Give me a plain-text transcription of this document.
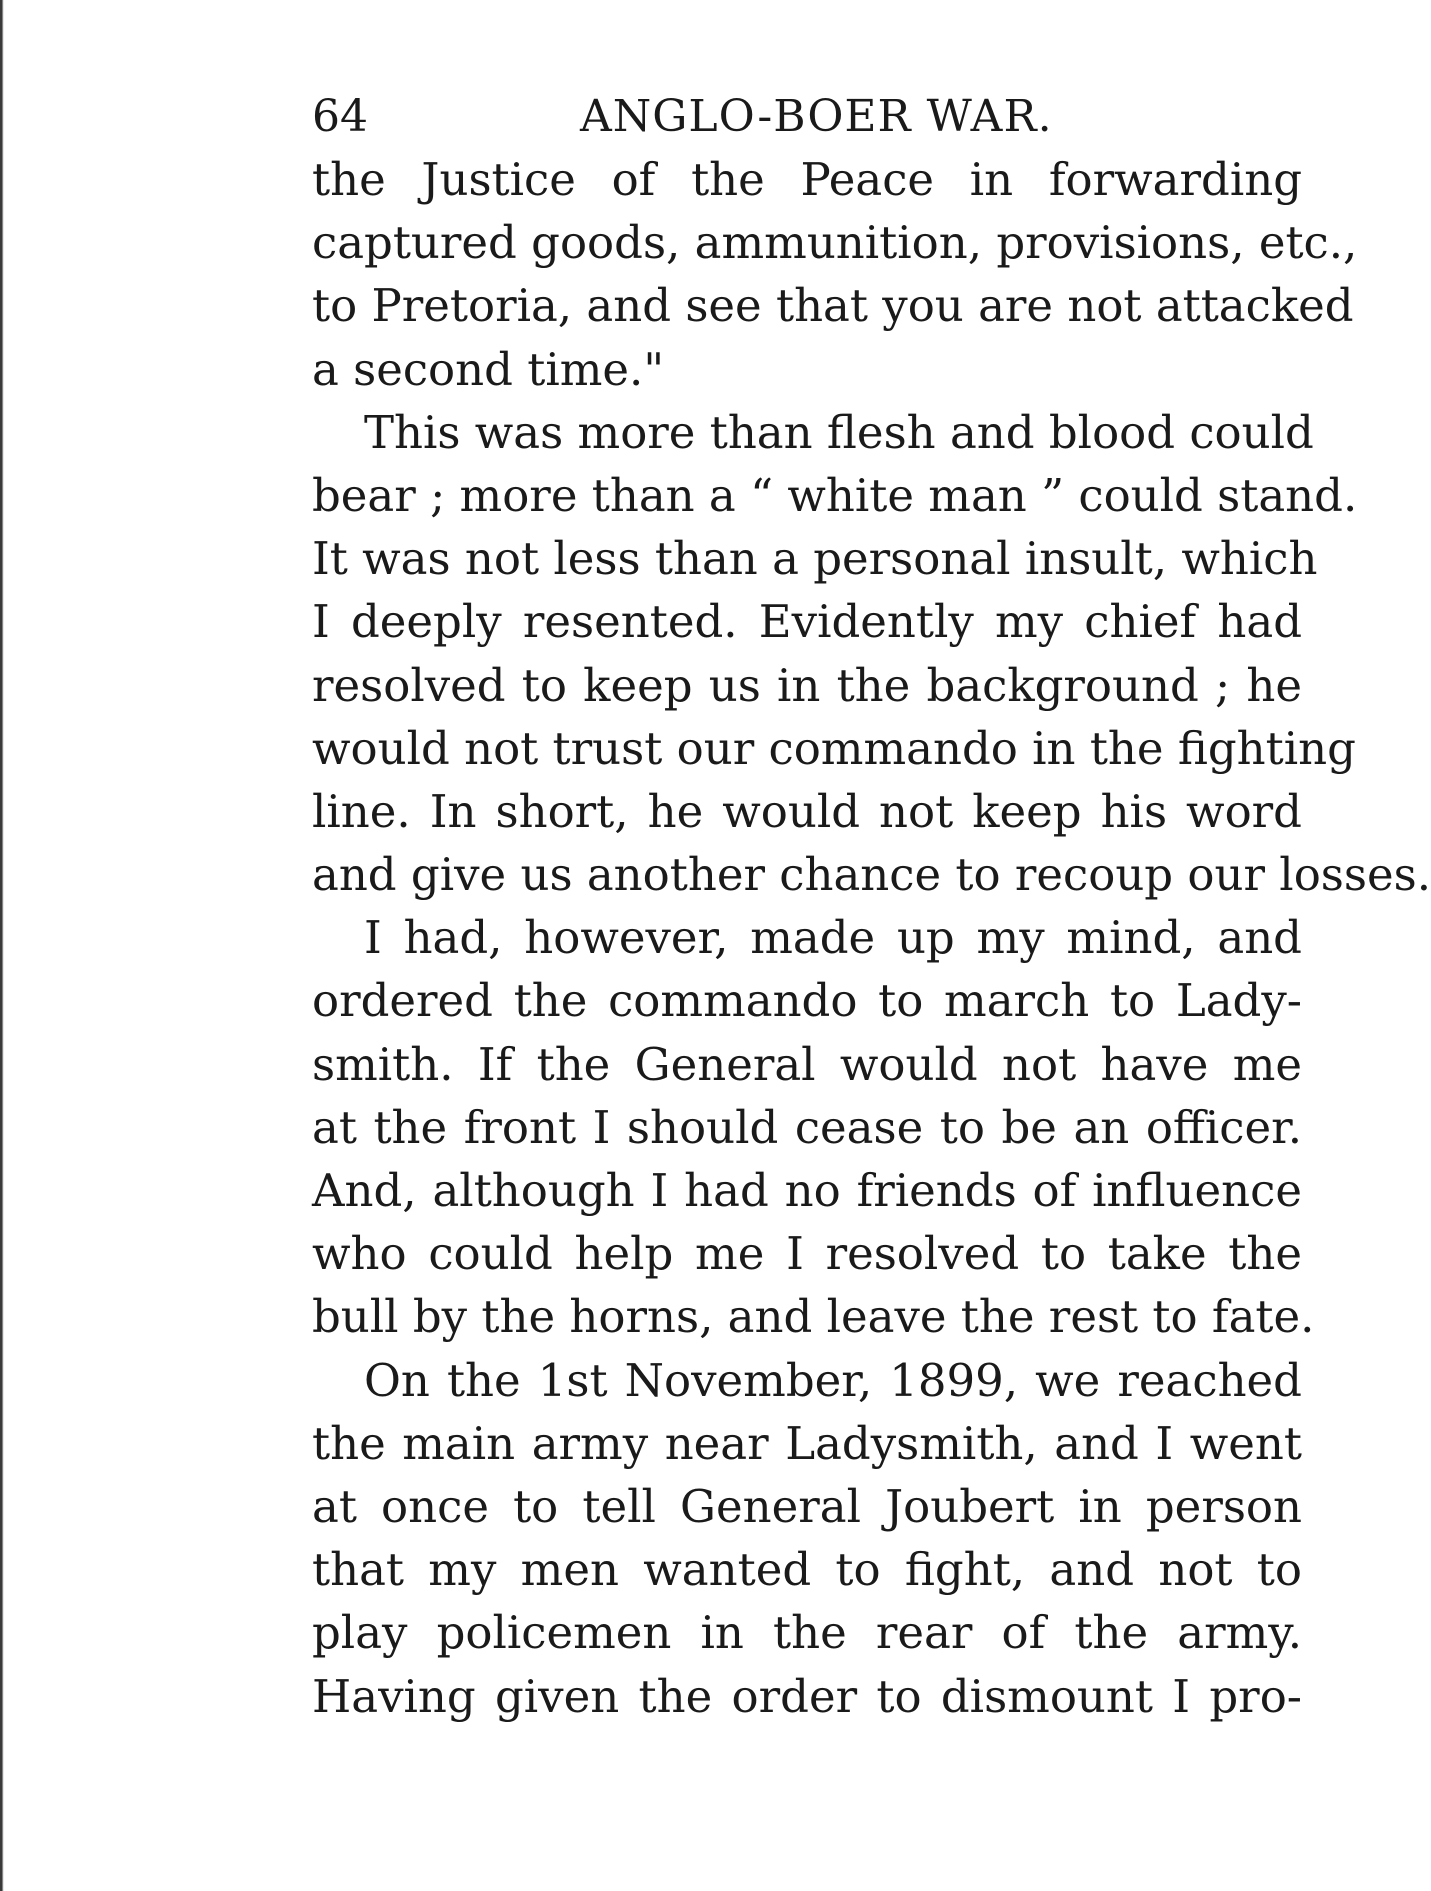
64	ANGLO-BOER WAR.
the Justice of the Peace in forwarding
captured goods, ammunition, provisions, etc.,
to Pretoria, and see that you are not attacked
a second time."
This was more than flesh and blood could
bear ; more than a “ white man ” could stand.
It was not less than a personal insult, which
I deeply resented. Evidently my chief had
resolved to keep us in the background ; he
would not trust our commando in the fighting
line. In short, he would not keep his word
and give us another chance to recoup our losses.
I had, however, made up my mind, and
ordered the commando to march to Lady-
smith. If the General would not have me
at the front I should cease to be an officer.
And, although I had no friends of influence
who could help me I resolved to take the
bull by the horns, and leave the rest to fate.
On the 1st November, 1899, we reached
the main army near Ladysmith, and I went
at once to tell General Joubert in person
that my men wanted to fight, and not to
play policemen in the rear of the army.
Having given the order to dismount I pro-
